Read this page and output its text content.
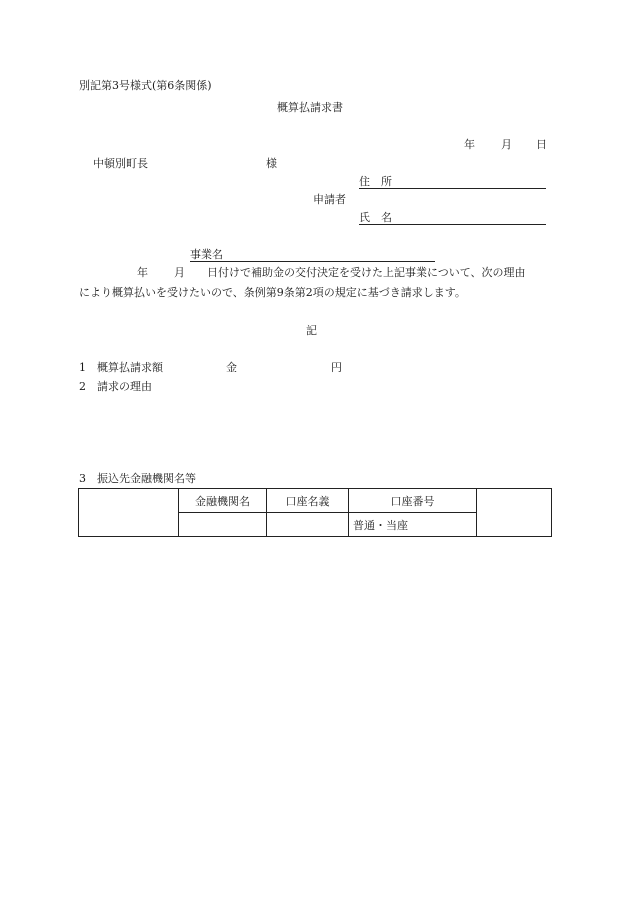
別記第3号様式(第6条関係)
概算払請求書
年 月 日
中頓別町長	様
住　所
申請者
氏　名
事業名
年 月 日付けで補助金の交付決定を受けた上記事業について、次の理由
により概算払いを受けたいので、条例第9条第2項の規定に基づき請求します。
記
1 概算払請求額	金	円
2 請求の理由
3 振込先金融機関名等
	金融機関名	口座名義	口座番号	
			普通・当座	
